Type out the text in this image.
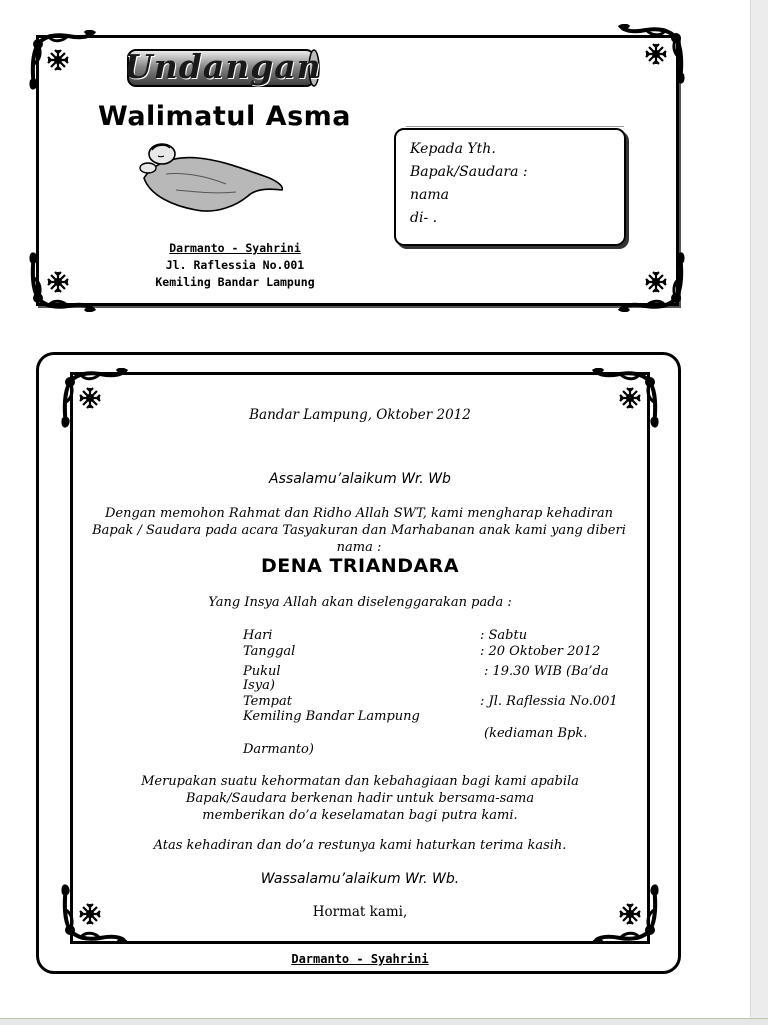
Undangan
Walimatul Asma
Darmanto - Syahrini
Jl. Raflessia No.001
Kemiling Bandar Lampung
Kepada Yth.
Bapak/Saudara :
nama
di- .
Bandar Lampung, Oktober 2012
Assalamu’alaikum Wr. Wb
Dengan memohon Rahmat dan Ridho Allah SWT, kami mengharap kehadiran
Bapak / Saudara pada acara Tasyakuran dan Marhabanan anak kami yang diberi nama :
DENA TRIANDARA
Yang Insya Allah akan diselenggarakan pada :
Hari	: Sabtu
Tanggal	: 20 Oktober 2012
Pukul	: 19.30 WIB (Ba’da
Isya)
Tempat	: Jl. Raflessia No.001
Kemiling Bandar Lampung
(kediaman Bpk.
Darmanto)
Merupakan suatu kehormatan dan kebahagiaan bagi kami apabila
Bapak/Saudara berkenan hadir untuk bersama-sama
memberikan do’a keselamatan bagi putra kami.
Atas kehadiran dan do’a restunya kami haturkan terima kasih.
Wassalamu’alaikum Wr. Wb.
Hormat kami,
Darmanto - Syahrini
